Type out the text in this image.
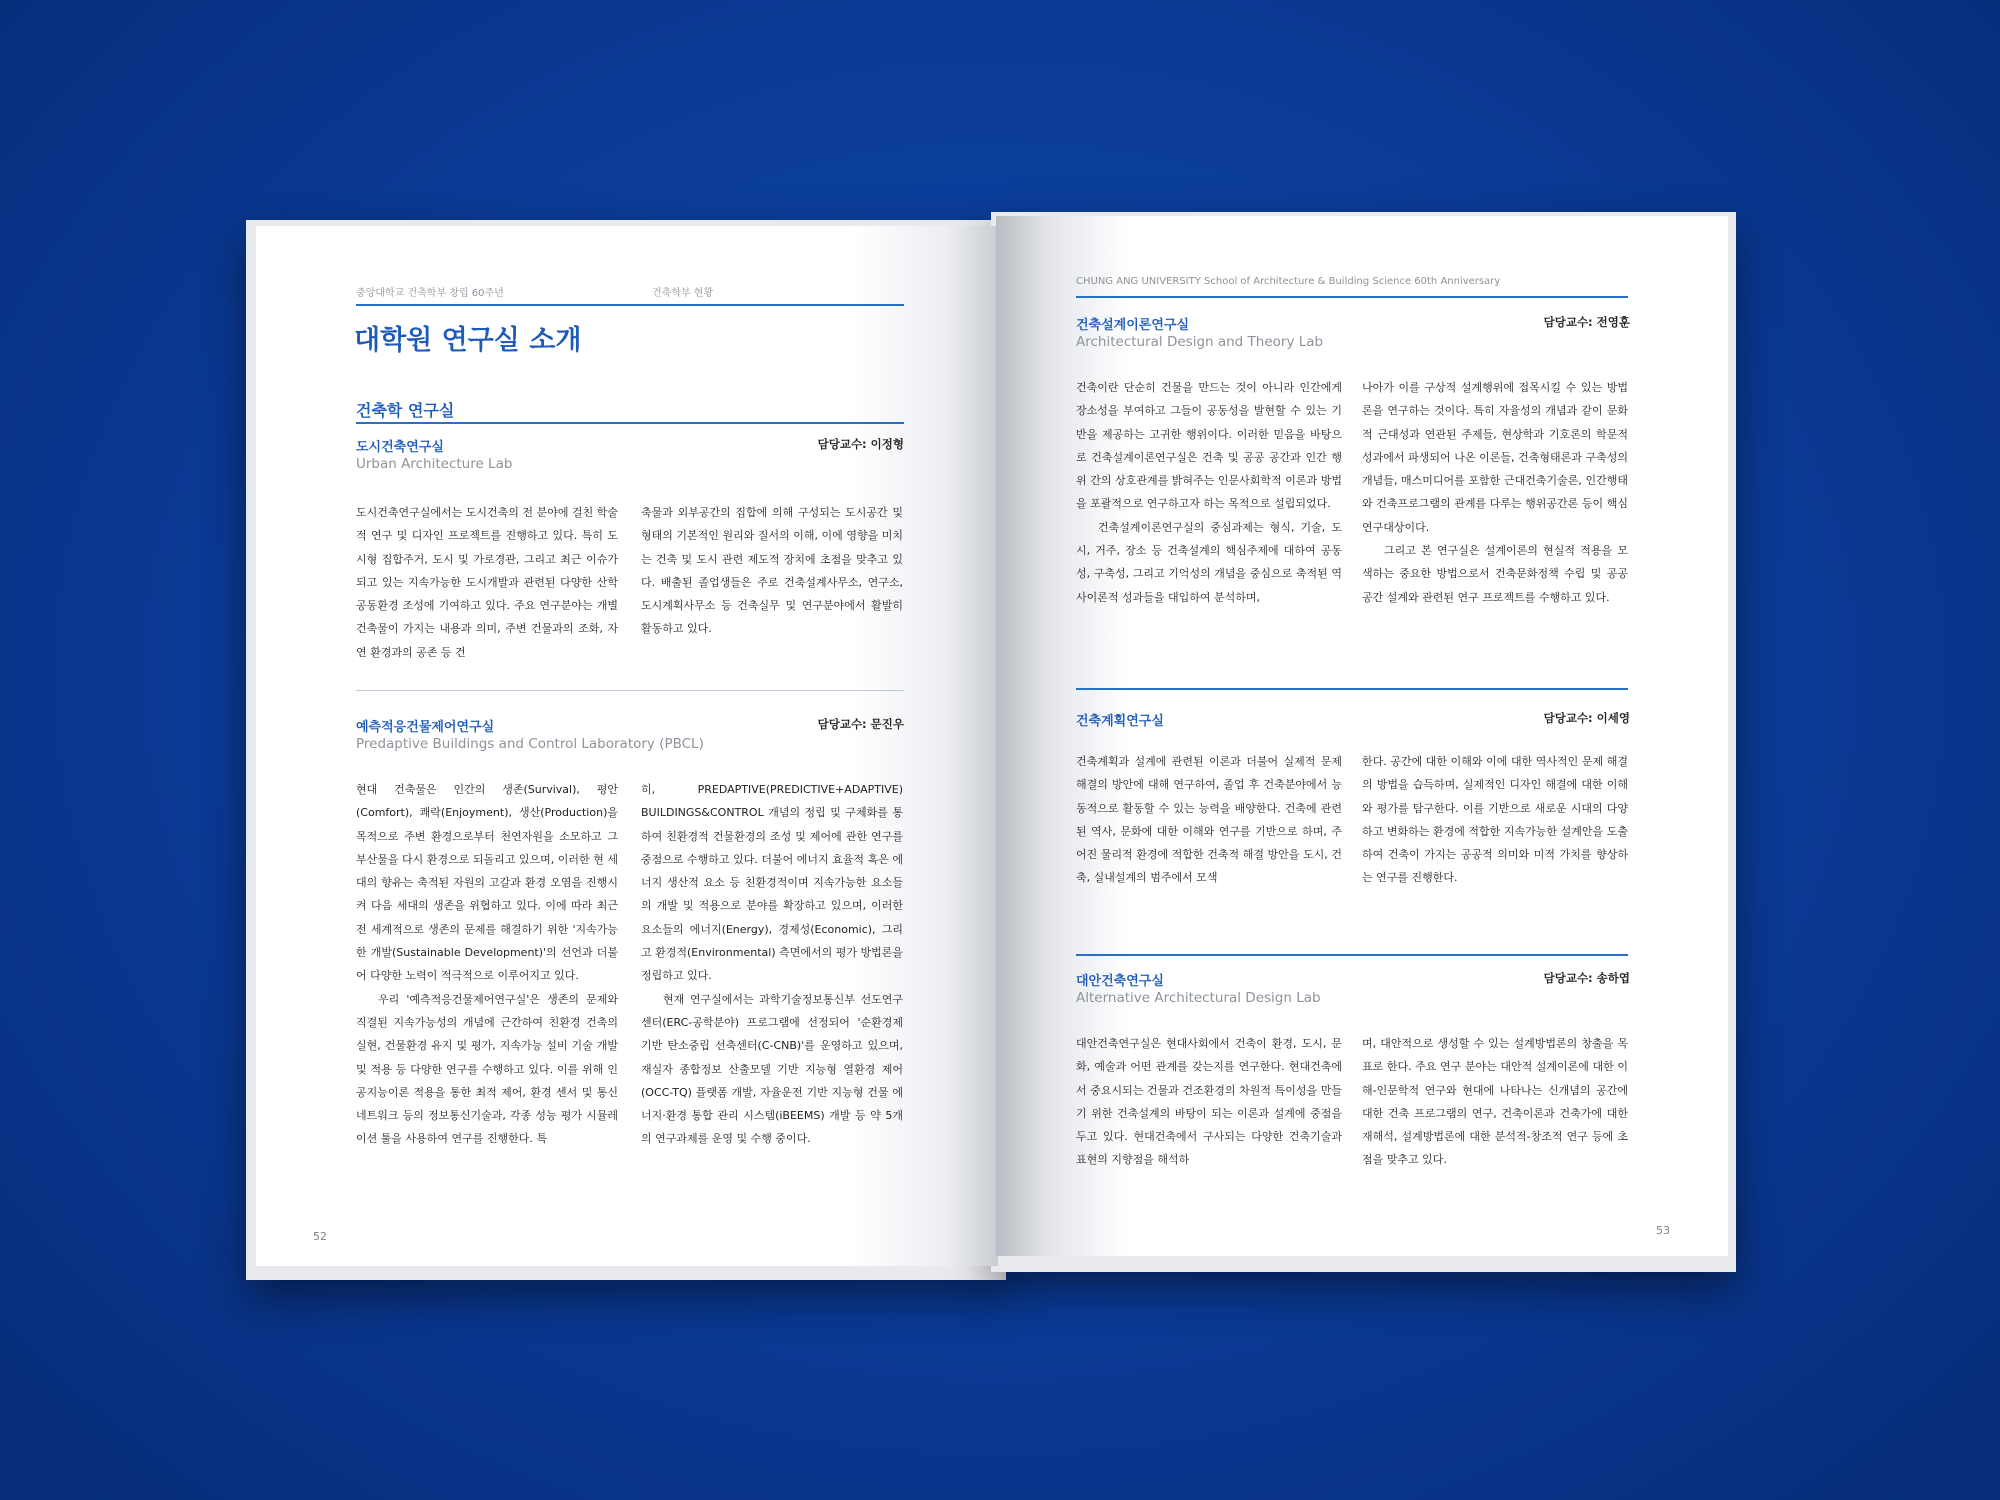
중앙대학교 건축학부 창립 60주년	건축학부 현황
대학원 연구실 소개
건축학 연구실
도시건축연구실	담당교수: 이정형
Urban Architecture Lab

도시건축연구실에서는 도시건축의 전 분야에 걸친 학술적 연구 및 디자인 프로젝트를 진행하고 있다. 특히 도시형 집합주거, 도시 및 가로경관, 그리고 최근 이슈가 되고 있는 지속가능한 도시개발과 관련된 다양한 산학 공동환경 조성에 기여하고 있다. 주요 연구분야는 개별 건축물이 가지는 내용과 의미, 주변 건물과의 조화, 자연 환경과의 공존 등 건

축물과 외부공간의 집합에 의해 구성되는 도시공간 및 형태의 기본적인 원리와 질서의 이해, 이에 영향을 미치는 건축 및 도시 관련 제도적 장치에 초점을 맞추고 있다. 배출된 졸업생들은 주로 건축설계사무소, 연구소, 도시계획사무소 등 건축실무 및 연구분야에서 활발히 활동하고 있다.

예측적응건물제어연구실	담당교수: 문진우
Predaptive Buildings and Control Laboratory (PBCL)

현대 건축물은 인간의 생존(Survival), 평안(Comfort), 쾌락(Enjoyment), 생산(Production)을 목적으로 주변 환경으로부터 천연자원을 소모하고 그 부산물을 다시 환경으로 되돌리고 있으며, 이러한 현 세대의 향유는 축적된 자원의 고갈과 환경 오염을 진행시켜 다음 세대의 생존을 위협하고 있다. 이에 따라 최근 전 세계적으로 생존의 문제를 해결하기 위한 '지속가능한 개발(Sustainable Development)'의 선언과 더불어 다양한 노력이 적극적으로 이루어지고 있다.

우리 '예측적응건물제어연구실'은 생존의 문제와 직결된 지속가능성의 개념에 근간하여 친환경 건축의 실현, 건물환경 유지 및 평가, 지속가능 설비 기술 개발 및 적용 등 다양한 연구를 수행하고 있다. 이를 위해 인공지능이론 적용을 통한 최적 제어, 환경 센서 및 통신네트워크 등의 정보통신기술과, 각종 성능 평가 시뮬레이션 툴을 사용하여 연구를 진행한다. 특

히, PREDAPTIVE(PREDICTIVE+ADAPTIVE) BUILDINGS&CONTROL 개념의 정립 및 구체화를 통하여 친환경적 건물환경의 조성 및 제어에 관한 연구를 중점으로 수행하고 있다. 더불어 에너지 효율적 혹은 에너지 생산적 요소 등 친환경적이며 지속가능한 요소들의 개발 및 적용으로 분야를 확장하고 있으며, 이러한 요소들의 에너지(Energy), 경제성(Economic), 그리고 환경적(Environmental) 측면에서의 평가 방법론을 정립하고 있다.

현재 연구실에서는 과학기술정보통신부 선도연구센터(ERC-공학분야) 프로그램에 선정되어 '순환경제 기반 탄소중립 선축센터(C-CNB)'를 운영하고 있으며, 재실자 종합정보 산출모델 기반 지능형 열환경 제어(OCC-TQ) 플랫폼 개발, 자율운전 기반 지능형 건물 에너지·환경 통합 관리 시스템(iBEEMS) 개발 등 약 5개의 연구과제를 운영 및 수행 중이다.

52
CHUNG ANG UNIVERSITY School of Architecture & Building Science 60th Anniversary
건축설계이론연구실	담당교수: 전영훈
Architectural Design and Theory Lab

건축이란 단순히 건물을 만드는 것이 아니라 인간에게 장소성을 부여하고 그들이 공동성을 발현할 수 있는 기반을 제공하는 고귀한 행위이다. 이러한 믿음을 바탕으로 건축설계이론연구실은 건축 및 공공 공간과 인간 행위 간의 상호관계를 밝혀주는 인문사회학적 이론과 방법을 포괄적으로 연구하고자 하는 목적으로 설립되었다.

건축설계이론연구실의 중심과제는 형식, 기술, 도시, 거주, 장소 등 건축설계의 핵심주제에 대하여 공동성, 구축성, 그리고 기억성의 개념을 중심으로 축적된 역사이론적 성과들을 대입하여 분석하며,

나아가 이를 구상적 설계행위에 접목시킬 수 있는 방법론을 연구하는 것이다. 특히 자율성의 개념과 같이 문화적 근대성과 연관된 주제들, 현상학과 기호론의 학문적 성과에서 파생되어 나온 이론들, 건축형태론과 구축성의 개념들, 매스미디어를 포함한 근대건축기술론, 인간행태와 건축프로그램의 관계를 다루는 행위공간론 등이 핵심연구대상이다.

그리고 본 연구실은 설계이론의 현실적 적용을 모색하는 중요한 방법으로서 건축문화정책 수립 및 공공 공간 설계와 관련된 연구 프로젝트를 수행하고 있다.

건축계획연구실	담당교수: 이세영

건축계획과 설계에 관련된 이론과 더불어 실제적 문제 해결의 방안에 대해 연구하여, 졸업 후 건축분야에서 능동적으로 활동할 수 있는 능력을 배양한다. 건축에 관련된 역사, 문화에 대한 이해와 연구를 기반으로 하며, 주어진 물리적 환경에 적합한 건축적 해결 방안을 도시, 건축, 실내설계의 범주에서 모색

한다. 공간에 대한 이해와 이에 대한 역사적인 문제 해결의 방법을 습득하며, 실제적인 디자인 해결에 대한 이해와 평가를 탐구한다. 이를 기반으로 새로운 시대의 다양하고 변화하는 환경에 적합한 지속가능한 설계안을 도출하여 건축이 가지는 공공적 의미와 미적 가치를 향상하는 연구를 진행한다.

대안건축연구실	담당교수: 송하엽
Alternative Architectural Design Lab

대안건축연구실은 현대사회에서 건축이 환경, 도시, 문화, 예술과 어떤 관계를 갖는지를 연구한다. 현대건축에서 중요시되는 건물과 건조환경의 차원적 특이성을 만들기 위한 건축설계의 바탕이 되는 이론과 설계에 중점을 두고 있다. 현대건축에서 구사되는 다양한 건축기술과 표현의 지향점을 해석하

며, 대안적으로 생성할 수 있는 설계방법론의 창출을 목표로 한다. 주요 연구 분야는 대안적 설계이론에 대한 이해-인문학적 연구와 현대에 나타나는 신개념의 공간에 대한 건축 프로그램의 연구, 건축이론과 건축가에 대한 재해석, 설계방법론에 대한 분석적-창조적 연구 등에 초점을 맞추고 있다.

53
